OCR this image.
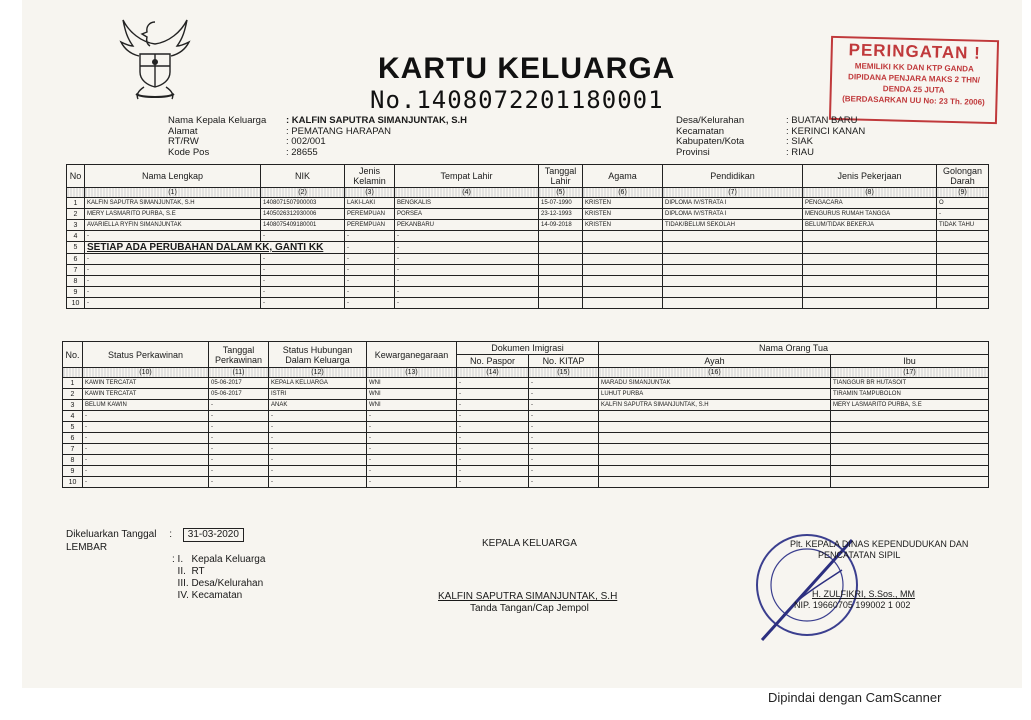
KARTU KELUARGA
No.1408072201180001
PERINGATAN !
MEMILIKI KK DAN KTP GANDA
DIPIDANA PENJARA MAKS 2 THN/
DENDA 25 JUTA
(BERDASARKAN UU No: 23 Th. 2006)
Nama Kepala Keluarga : KALFIN SAPUTRA SIMANJUNTAK, S.H
Alamat	: PEMATANG HARAPAN
RT/RW	: 002/001
Kode Pos	: 28655
Desa/Kelurahan	: BUATAN BARU
Kecamatan	: KERINCI KANAN
Kabupaten/Kota	: SIAK
Provinsi	: RIAU
No	Nama Lengkap	NIK	Jenis Kelamin	Tempat Lahir	Tanggal Lahir	Agama	Pendidikan	Jenis Pekerjaan	Golongan Darah
	(1)	(2)	(3)	(4)	(5)	(6)	(7)	(8)	(9)
1	KALFIN SAPUTRA SIMANJUNTAK, S.H	1408071507900003	LAKI-LAKI	BENGKALIS	15-07-1990	KRISTEN	DIPLOMA IV/STRATA I	PENGACARA	O
2	MERY LASMARITO PURBA, S.E	1405026312930006	PEREMPUAN	PORSEA	23-12-1993	KRISTEN	DIPLOMA IV/STRATA I	MENGURUS RUMAH TANGGA	-
3	AVARIELLA RYFIN SIMANJUNTAK	1408075409180001	PEREMPUAN	PEKANBARU	14-09-2018	KRISTEN	TIDAK/BELUM SEKOLAH	BELUM/TIDAK BEKERJA	TIDAK TAHU
4	-	-	-	-					
5	SETIAP ADA PERUBAHAN DALAM KK, GANTI KK		-	-					
6	-	-	-	-					
7	-	-	-	-					
8	-	-	-	-					
9	-	-	-	-					
10	-	-	-	-					
No.	Status Perkawinan	Tanggal Perkawinan	Status Hubungan Dalam Keluarga	Kewarganegaraan	Dokumen Imigrasi		Nama Orang Tua	
					No. Paspor	No. KITAP	Ayah	Ibu
	(10)	(11)	(12)	(13)	(14)	(15)	(16)	(17)
1	KAWIN TERCATAT	05-06-2017	KEPALA KELUARGA	WNI	-	-	MARADU SIMANJUNTAK	TIANGGUR BR HUTASOIT
2	KAWIN TERCATAT	05-06-2017	ISTRI	WNI	-	-	LUHUT PURBA	TIRAMIN TAMPUBOLON
3	BELUM KAWIN	-	ANAK	WNI	-	-	KALFIN SAPUTRA SIMANJUNTAK, S.H	MERY LASMARITO PURBA, S.E
4	-	-	-	-	-	-		
5	-	-	-	-	-	-		
6	-	-	-	-	-	-		
7	-	-	-	-	-	-		
8	-	-	-	-	-	-		
9	-	-	-	-	-	-		
10	-	-	-	-	-	-		
Dikeluarkan Tanggal : 31-03-2020
LEMBAR

: I.   Kepala Keluarga
II.  RT
III. Desa/Kelurahan
IV. Kecamatan
KEPALA KELUARGA
KALFIN SAPUTRA SIMANJUNTAK, S.H
Tanda Tangan/Cap Jempol
Plt. KEPALA DINAS KEPENDUDUKAN DAN
PENCATATAN SIPIL
H. ZULFIKRI, S.Sos., MM
NIP. 19660705 199002 1 002
Dipindai dengan CamScanner
